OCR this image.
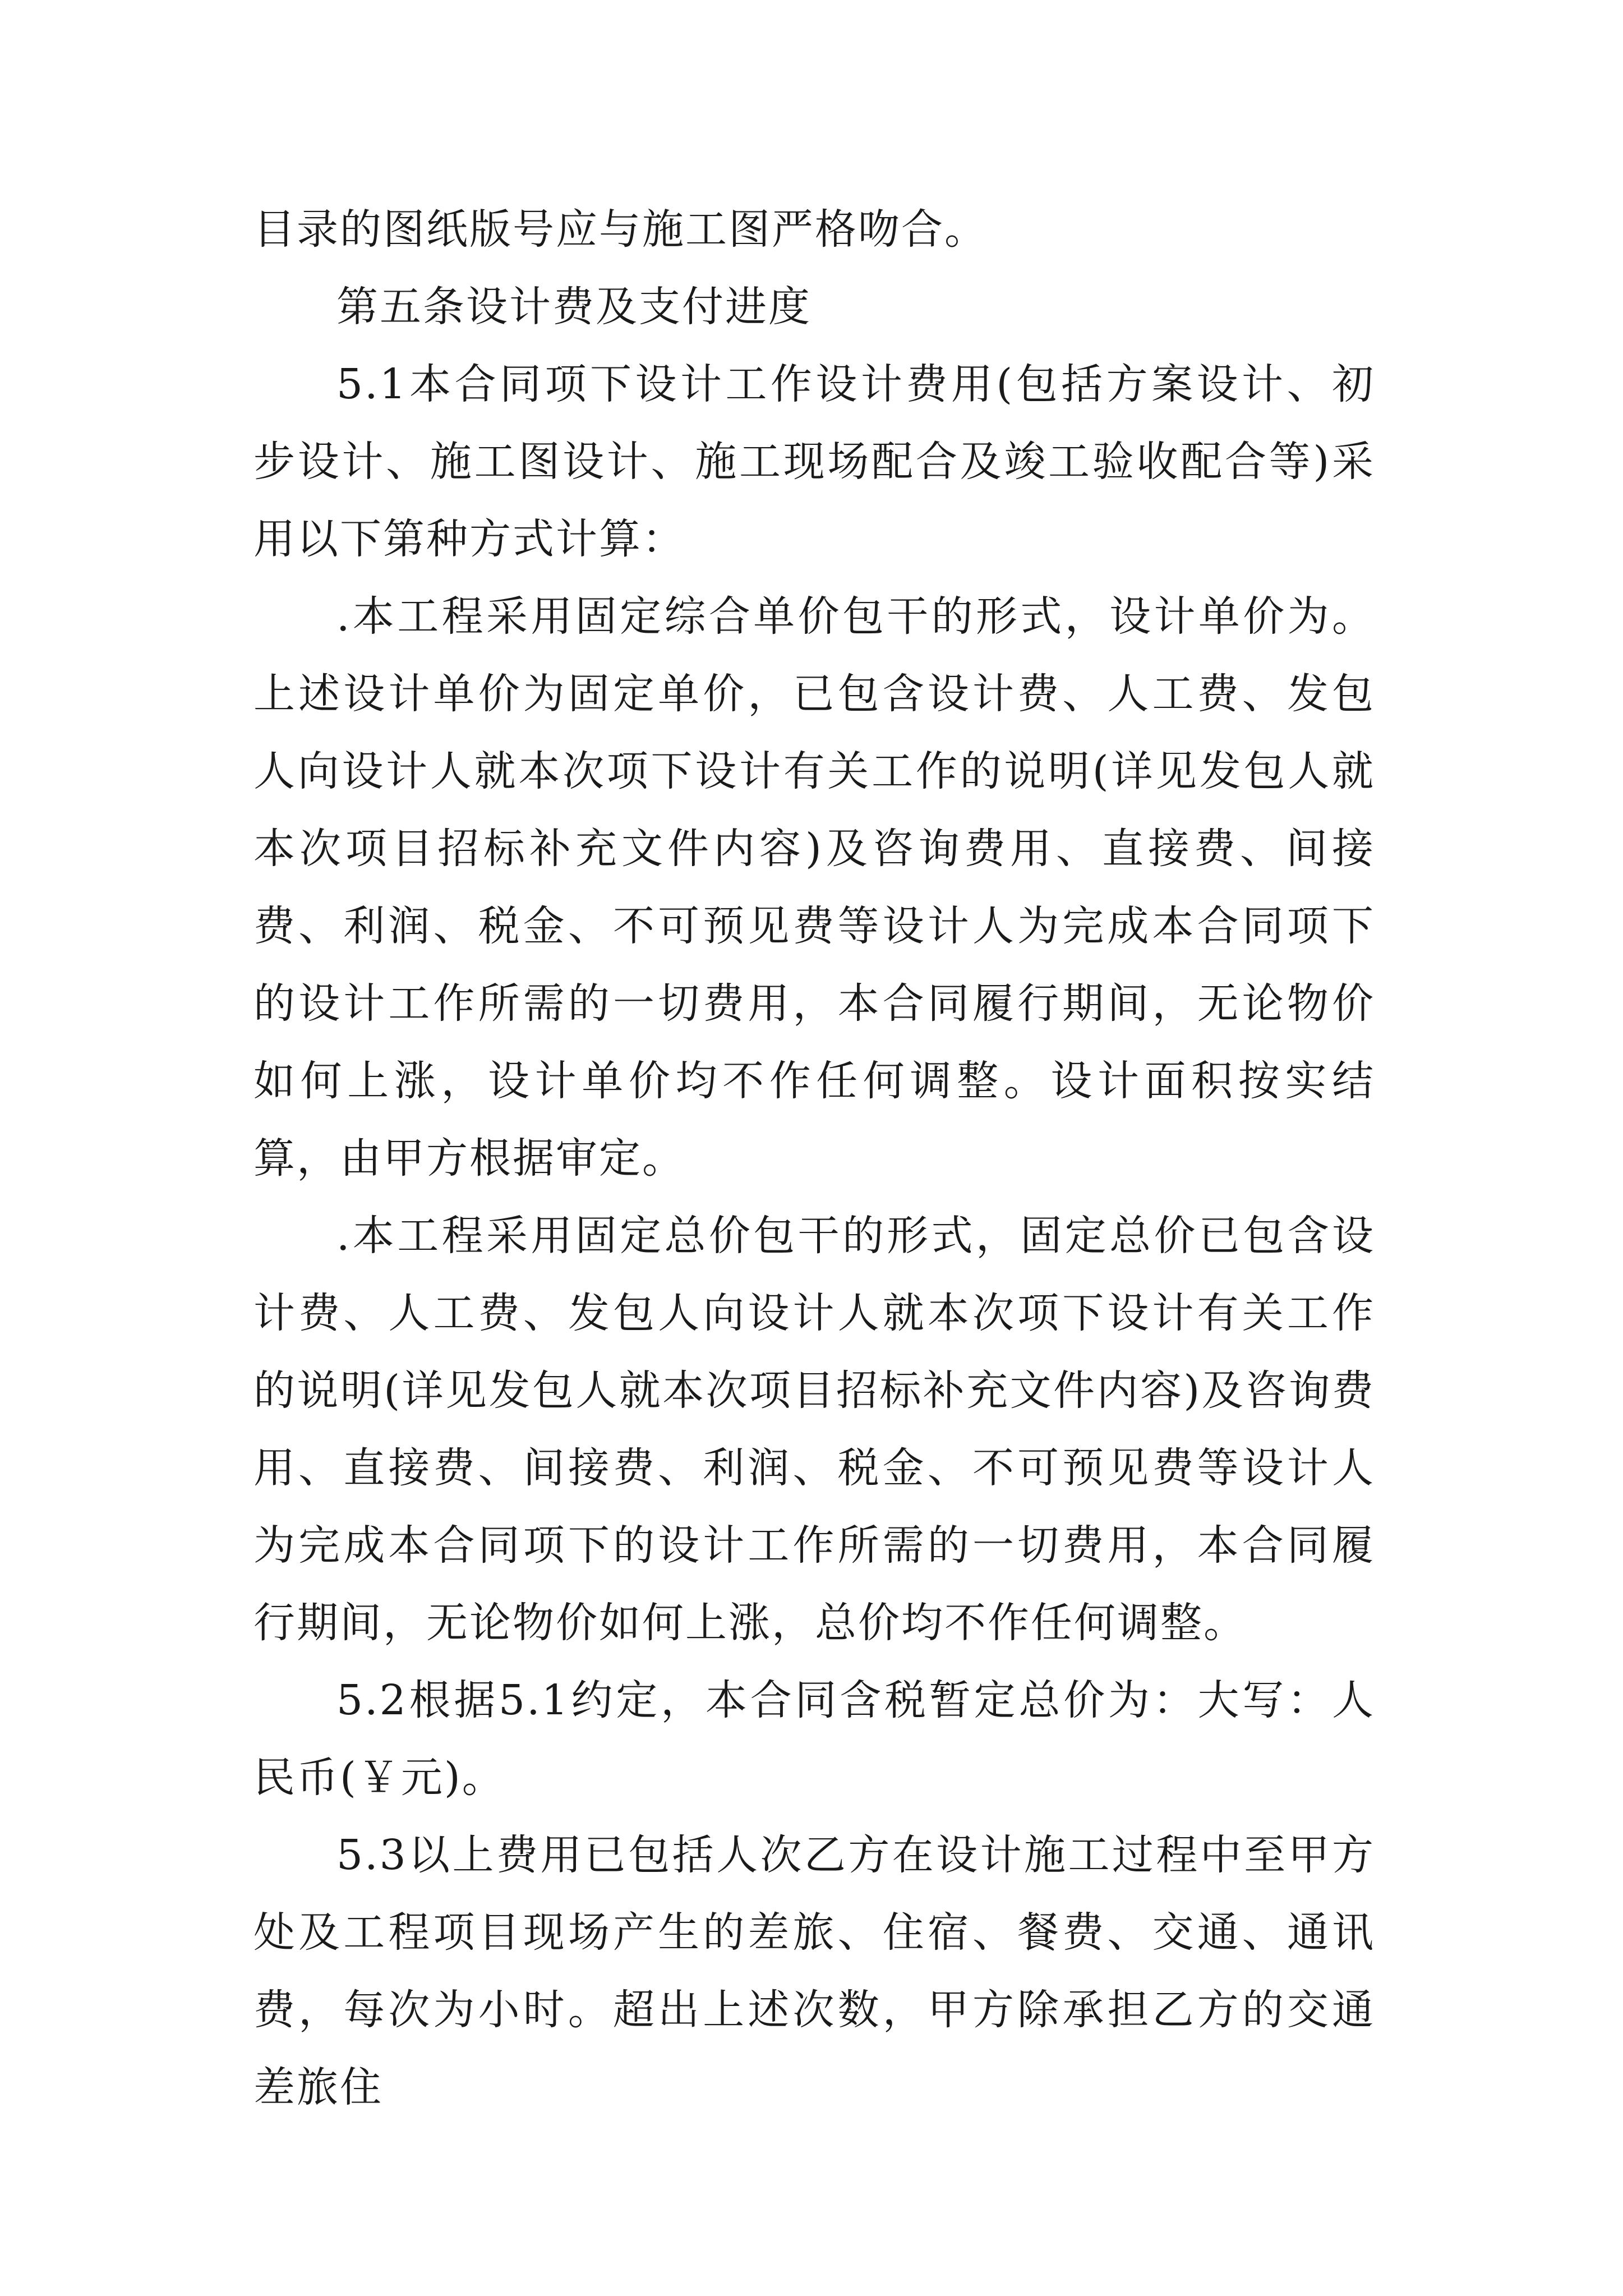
目录的图纸版号应与施工图严格吻合。

第五条设计费及支付进度

5.1本合同项下设计工作设计费用(包括方案设计、初步设计、施工图设计、施工现场配合及竣工验收配合等)采用以下第种方式计算：

.本工程采用固定综合单价包干的形式，设计单价为。上述设计单价为固定单价，已包含设计费、人工费、发包人向设计人就本次项下设计有关工作的说明(详见发包人就本次项目招标补充文件内容)及咨询费用、直接费、间接费、利润、税金、不可预见费等设计人为完成本合同项下的设计工作所需的一切费用，本合同履行期间，无论物价如何上涨，设计单价均不作任何调整。设计面积按实结算，由甲方根据审定。

.本工程采用固定总价包干的形式，固定总价已包含设计费、人工费、发包人向设计人就本次项下设计有关工作的说明(详见发包人就本次项目招标补充文件内容)及咨询费用、直接费、间接费、利润、税金、不可预见费等设计人为完成本合同项下的设计工作所需的一切费用，本合同履行期间，无论物价如何上涨，总价均不作任何调整。

5.2根据5.1约定，本合同含税暂定总价为：大写：人民币(￥元)。

5.3以上费用已包括人次乙方在设计施工过程中至甲方处及工程项目现场产生的差旅、住宿、餐费、交通、通讯费，每次为小时。超出上述次数，甲方除承担乙方的交通差旅住
